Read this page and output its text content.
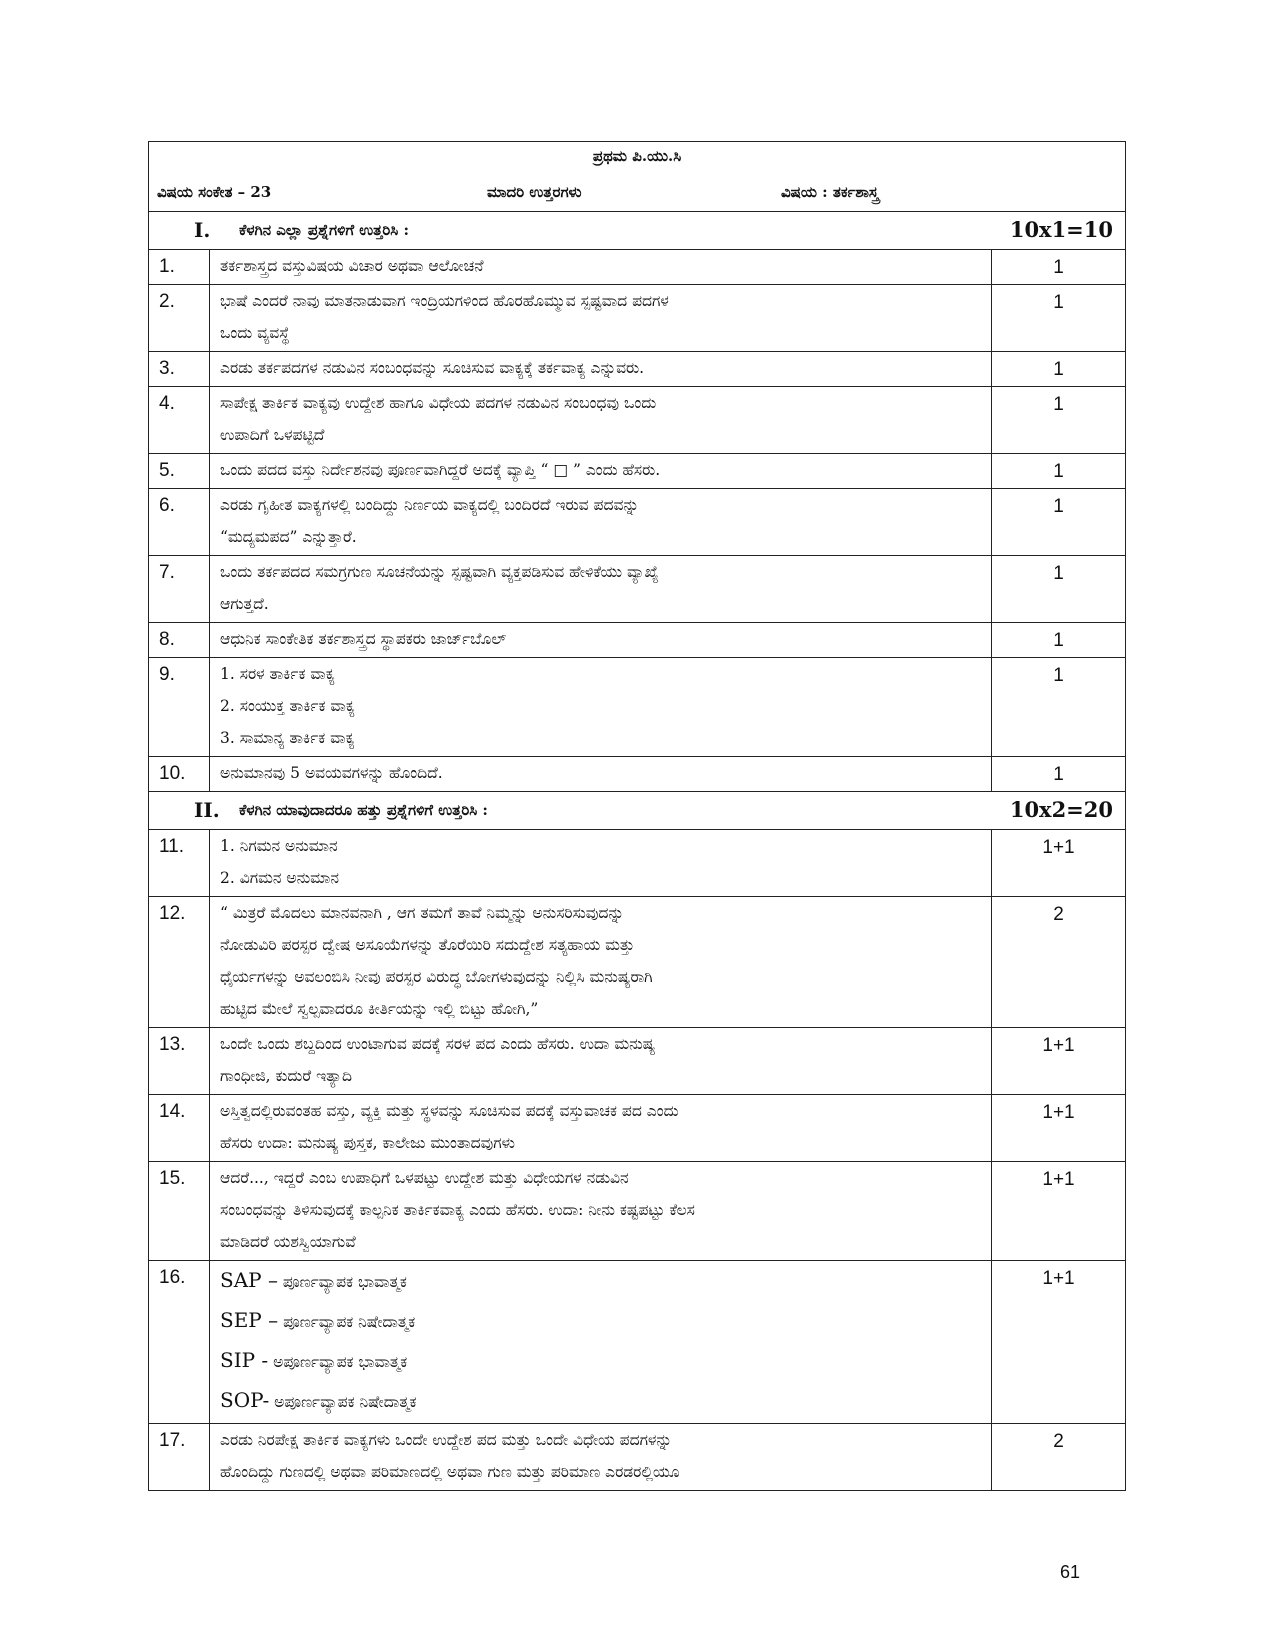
ಪ್ರಥಮ ಪಿ.ಯು.ಸಿ		

ವಿಷಯ ಸಂಕೇತ – 23 ಮಾದರಿ ಉತ್ತರಗಳು ವಿಷಯ : ತರ್ಕಶಾಸ್ತ್ರ		

I. ಕೆಳಗಿನ ಎಲ್ಲಾ ಪ್ರಶ್ನೆಗಳಿಗೆ ಉತ್ತರಿಸಿ : 10x1=10		

1.	ತರ್ಕಶಾಸ್ತ್ರದ ವಸ್ತುವಿಷಯ ವಿಚಾರ ಅಥವಾ ಆಲೋಚನೆ	1
2.	ಭಾಷೆ ಎಂದರೆ ನಾವು ಮಾತನಾಡುವಾಗ ಇಂದ್ರಿಯಗಳಿಂದ ಹೊರಹೊಮ್ಮುವ ಸ್ಪಷ್ಟವಾದ ಪದಗಳ
ಒಂದು ವ್ಯವಸ್ಥೆ	1
3.	ಎರಡು ತರ್ಕಪದಗಳ ನಡುವಿನ ಸಂಬಂಧವನ್ನು ಸೂಚಿಸುವ ವಾಕ್ಯಕ್ಕೆ ತರ್ಕವಾಕ್ಯ ಎನ್ನುವರು.	1
4.	ಸಾಪೇಕ್ಷ ತಾರ್ಕಿಕ ವಾಕ್ಯವು ಉದ್ದೇಶ ಹಾಗೂ ವಿಧೇಯ ಪದಗಳ ನಡುವಿನ ಸಂಬಂಧವು ಒಂದು
ಉಪಾದಿಗೆ ಒಳಪಟ್ಟಿದೆ	1
5.	ಒಂದು ಪದದ ವಸ್ತು ನಿರ್ದೇಶನವು ಪೂರ್ಣವಾಗಿದ್ದರೆ ಅದಕ್ಕೆ ವ್ಯಾಪ್ತಿ “ □ ” ಎಂದು ಹೆಸರು.	1
6.	ಎರಡು ಗೃಹೀತ ವಾಕ್ಯಗಳಲ್ಲಿ ಬಂದಿದ್ದು ನಿರ್ಣಯ ವಾಕ್ಯದಲ್ಲಿ ಬಂದಿರದೆ ಇರುವ ಪದವನ್ನು
“ಮದ್ಯಮಪದ” ಎನ್ನುತ್ತಾರೆ.	1
7.	ಒಂದು ತರ್ಕಪದದ ಸಮಗ್ರಗುಣ ಸೂಚನೆಯನ್ನು ಸ್ಪಷ್ಟವಾಗಿ ವ್ಯಕ್ತಪಡಿಸುವ ಹೇಳಿಕೆಯು ವ್ಯಾಖ್ಯೆ
ಆಗುತ್ತದೆ.	1
8.	ಆಧುನಿಕ ಸಾಂಕೇತಿಕ ತರ್ಕಶಾಸ್ತ್ರದ ಸ್ಥಾಪಕರು ಜಾರ್ಜ್‌ಬೊಲ್	1
9.	1. ಸರಳ ತಾರ್ಕಿಕ ವಾಕ್ಯ
2. ಸಂಯುಕ್ತ ತಾರ್ಕಿಕ ವಾಕ್ಯ
3. ಸಾಮಾನ್ಯ ತಾರ್ಕಿಕ ವಾಕ್ಯ	1
10.	ಅನುಮಾನವು 5 ಅವಯವಗಳನ್ನು ಹೊಂದಿದೆ.	1

II. ಕೆಳಗಿನ ಯಾವುದಾದರೂ ಹತ್ತು ಪ್ರಶ್ನೆಗಳಿಗೆ ಉತ್ತರಿಸಿ : 10x2=20		

11.	1. ನಿಗಮನ ಅನುಮಾನ
2. ವಿಗಮನ ಅನುಮಾನ	1+1
12.	“ ಮಿತ್ರರೆ ಮೊದಲು ಮಾನವನಾಗಿ , ಆಗ ತಮಗೆ ತಾವೆ ನಿಮ್ಮನ್ನು ಅನುಸರಿಸುವುದನ್ನು
ನೋಡುವಿರಿ ಪರಸ್ಪರ ದ್ವೇಷ ಅಸೂಯೆಗಳನ್ನು ತೊರೆಯಿರಿ ಸದುದ್ದೇಶ ಸತ್ಯಹಾಯ ಮತ್ತು
ಧೈರ್ಯಗಳನ್ನು ಅವಲಂಬಿಸಿ ನೀವು ಪರಸ್ಪರ ವಿರುದ್ಧ ಬೋಗಳುವುದನ್ನು ನಿಲ್ಲಿಸಿ ಮನುಷ್ಯರಾಗಿ
ಹುಟ್ಟಿದ ಮೇಲೆ ಸ್ವಲ್ಪವಾದರೂ ಕೀರ್ತಿಯನ್ನು ಇಲ್ಲಿ ಬಿಟ್ಟು ಹೋಗಿ,”	2
13.	ಒಂದೇ ಒಂದು ಶಬ್ದದಿಂದ ಉಂಟಾಗುವ ಪದಕ್ಕೆ ಸರಳ ಪದ ಎಂದು ಹೆಸರು. ಉದಾ ಮನುಷ್ಯ
ಗಾಂಧೀಜಿ, ಕುದುರೆ ಇತ್ಯಾದಿ	1+1
14.	ಅಸ್ತಿತ್ವದಲ್ಲಿರುವಂತಹ ವಸ್ತು, ವ್ಯಕ್ತಿ ಮತ್ತು ಸ್ಥಳವನ್ನು ಸೂಚಿಸುವ ಪದಕ್ಕೆ ವಸ್ತುವಾಚಕ ಪದ ಎಂದು
ಹೆಸರು ಉದಾ: ಮನುಷ್ಯ ಪುಸ್ತಕ, ಕಾಲೇಜು ಮುಂತಾದವುಗಳು	1+1
15.	ಆದರೆ..., ಇದ್ದರೆ ಎಂಬ ಉಪಾಧಿಗೆ ಒಳಪಟ್ಟು ಉದ್ದೇಶ ಮತ್ತು ವಿಧೇಯಗಳ ನಡುವಿನ
ಸಂಬಂಧವನ್ನು ತಿಳಿಸುವುದಕ್ಕೆ ಕಾಲ್ಪನಿಕ ತಾರ್ಕಿಕವಾಕ್ಯ ಎಂದು ಹೆಸರು. ಉದಾ: ನೀನು ಕಷ್ಟಪಟ್ಟು ಕೆಲಸ
ಮಾಡಿದರೆ ಯಶಸ್ವಿಯಾಗುವೆ	1+1
16.	SAP – ಪೂರ್ಣವ್ಯಾಪಕ ಭಾವಾತ್ಮಕ
SEP – ಪೂರ್ಣವ್ಯಾಪಕ ನಿಷೇದಾತ್ಮಕ
SIP - ಅಪೂರ್ಣವ್ಯಾಪಕ ಭಾವಾತ್ಮಕ
SOP- ಅಪೂರ್ಣವ್ಯಾಪಕ ನಿಷೇದಾತ್ಮಕ	1+1
17.	ಎರಡು ನಿರಪೇಕ್ಷ ತಾರ್ಕಿಕ ವಾಕ್ಯಗಳು ಒಂದೇ ಉದ್ದೇಶ ಪದ ಮತ್ತು ಒಂದೇ ವಿಧೇಯ ಪದಗಳನ್ನು
ಹೊಂದಿದ್ದು ಗುಣದಲ್ಲಿ ಅಥವಾ ಪರಿಮಾಣದಲ್ಲಿ ಅಥವಾ ಗುಣ ಮತ್ತು ಪರಿಮಾಣ ಎರಡರಲ್ಲಿಯೂ	2
61
